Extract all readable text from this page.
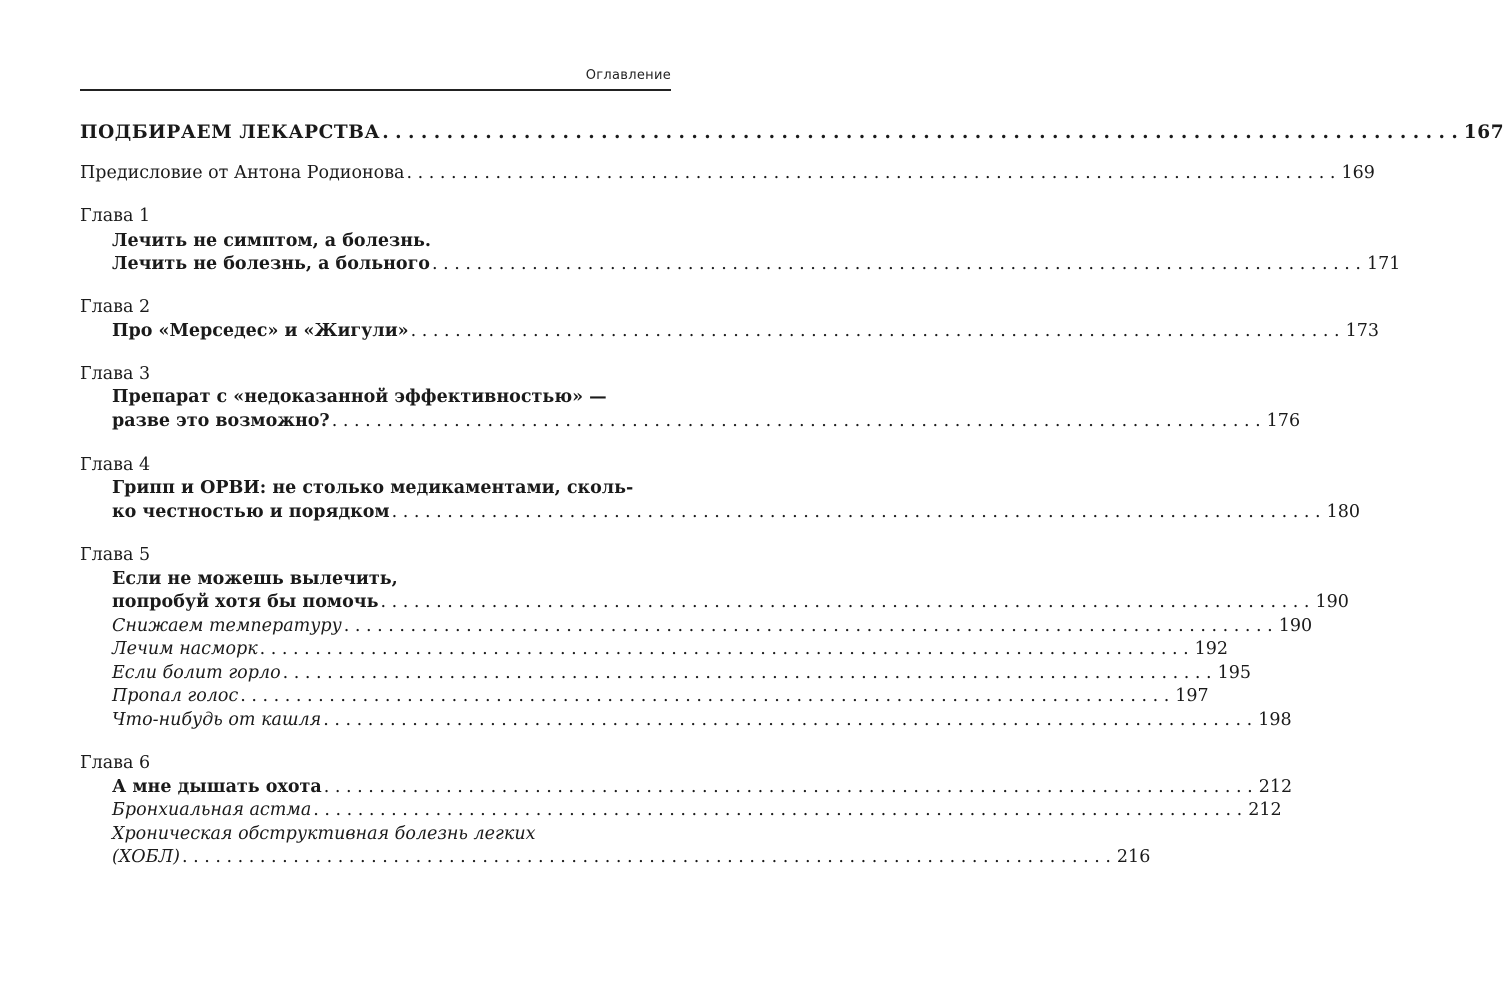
Оглавление
ПОДБИРАЕМ ЛЕКАРСТВА . . .	167
Предисловие от Антона Родионова . . .	169
Глава 1
Лечить не симптом, а болезнь.
Лечить не болезнь, а больного . . .	171
Глава 2
Про «Мерседес» и «Жигули» . . .	173
Глава 3
Препарат с «недоказанной эффективностью» —
разве это возможно? . . .	176
Глава 4
Грипп и ОРВИ: не столько медикаментами, сколь-
ко честностью и порядком . . .	180
Глава 5
Если не можешь вылечить,
попробуй хотя бы помочь . . .	190
Снижаем температуру . . .	190
Лечим насморк . . .	192
Если болит горло . . .	195
Пропал голос . . .	197
Что-нибудь от кашля . . .	198
Глава 6
А мне дышать охота . . .	212
Бронхиальная астма . . .	212
Хроническая обструктивная болезнь легких
(ХОБЛ) . . .	216
